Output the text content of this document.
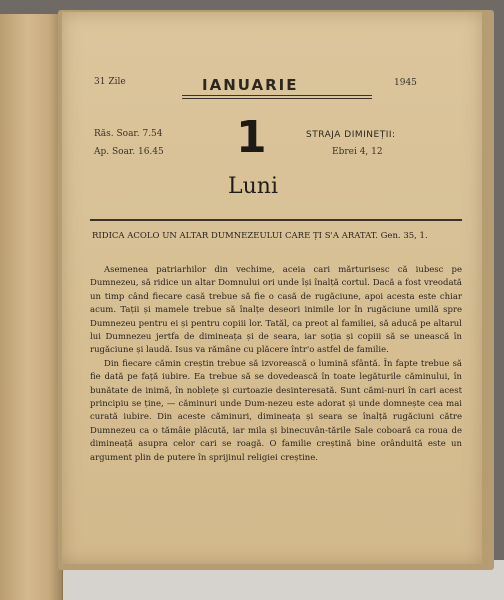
31 Zile	IANUARIE	1945
Răs. Soar. 7.54
Ap. Soar. 16.45 1
Luni
STRAJA DIMINEȚII:
Ebrei 4, 12
RIDICA ACOLO UN ALTAR DUMNEZEULUI CARE ȚI S'A ARATAT. Gen. 35, 1.

Asemenea patriarhilor din vechime, aceia cari mărturisesc că iubesc pe Dumnezeu, să ridice un altar Domnului ori unde își înalță cortul. Dacă a fost vreodată un timp când fiecare casă trebue să fie o casă de rugăciune, apoi acesta este chiar acum. Tații și mamele trebue să înalțe deseori inimile lor în rugăciune umilă spre Dumnezeu pentru ei și pentru copiii lor. Tatăl, ca preot al familiei, să aducă pe altarul lui Dumnezeu jertfa de dimineața și de seara, iar soția și copiii să se unească în rugăciune și laudă. Isus va rămâne cu plăcere într'o astfel de familie.

Din fiecare cămin creștin trebue să izvorească o lumină sfântă. În fapte trebue să fie dată pe față iubire. Ea trebue să se dovedească în toate legăturile căminului, în bunătate de inimă, în noblețe și curtoazie desinteresată. Sunt cămi-nuri în cari acest principiu se ține, — căminuri unde Dum-nezeu este adorat și unde domnește cea mai curată iubire. Din aceste căminuri, dimineața și seara se înalță rugăciuni către Dumnezeu ca o tămâie plăcută, iar mila și binecuvân-tările Sale coboară ca roua de dimineață asupra celor cari se roagă. O familie creștină bine orânduită este un argument plin de putere în sprijinul religiei creștine.
